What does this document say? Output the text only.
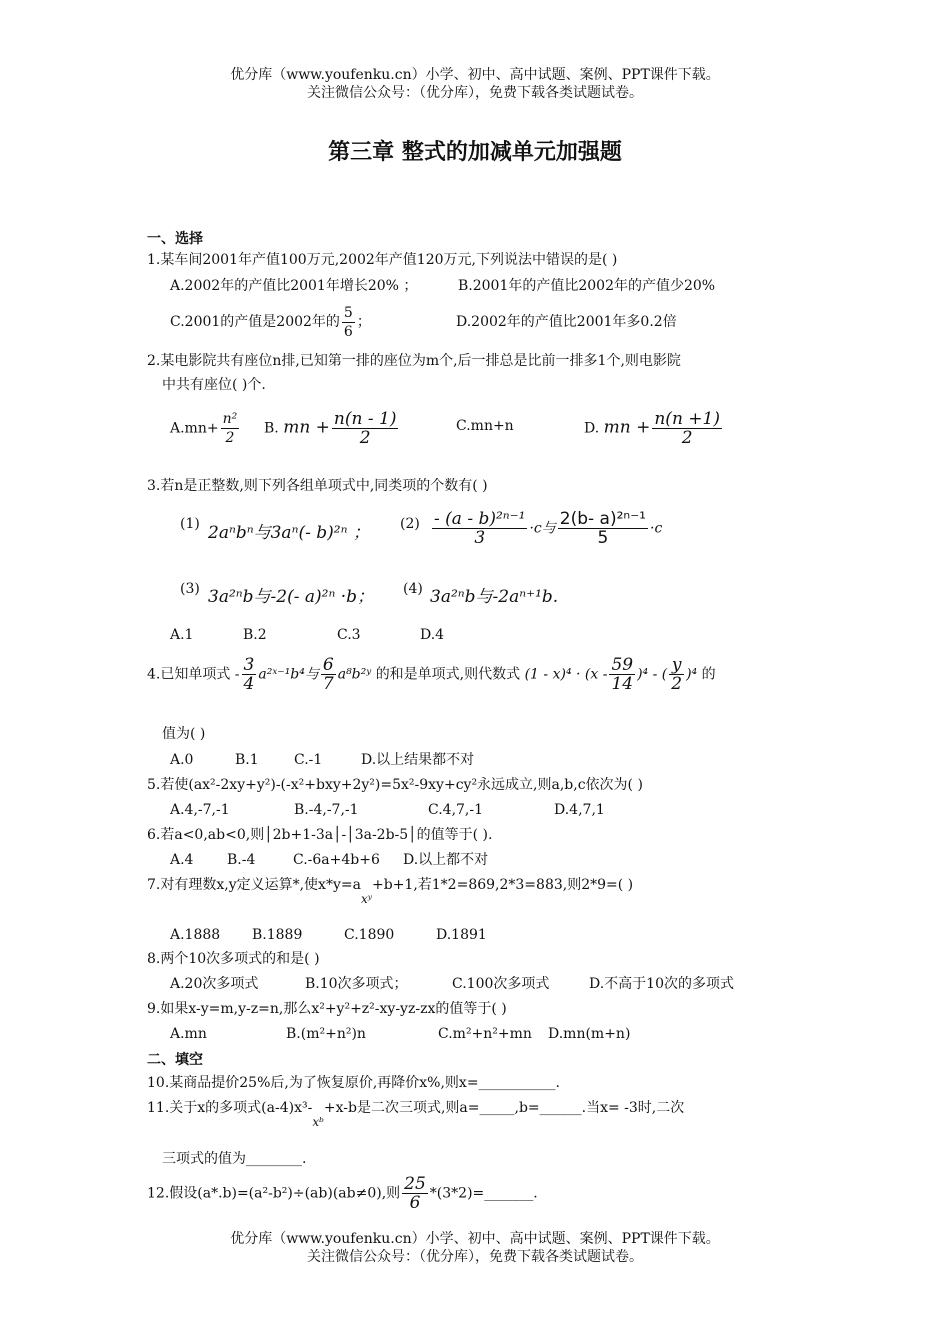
优分库（www.youfenku.cn）小学、初中、高中试题、案例、PPT课件下载。
关注微信公众号：（优分库），免费下载各类试题试卷。
第三章 整式的加减单元加强题
一、选择
1.某车间2001年产值100万元,2002年产值120万元,下列说法中错误的是( )
A.2002年的产值比2001年增长20% ；	B.2001年的产值比2002年的产值少20%
C.2001的产值是2002年的 $\frac{5}{6}$ ；	D.2002年的产值比2001年多0.2倍
2.某电影院共有座位n排,已知第一排的座位为m个,后一排总是比前一排多1个,则电影院
中共有座位( )个.
$A.mn+ \frac{\text{n²}}{2} B$. mn + $\frac{n(n - 1)}{2}$	C.mn+n	D. mn + $\frac{n(n +1)}{2}$
3.若n是正整数,则下列各组单项式中,同类项的个数有( )
(1) 2aⁿbⁿ与3aⁿ(- b)²ⁿ ； $(2) \frac{\text{- (a - b)²ⁿ⁻¹}}{3} \cdot c$与 $\frac{\text{2(b- a)²ⁿ⁻¹}}{5} \cdot c$
(3) 3a²ⁿb与-2(- a)²ⁿ ·b； (4) 3a²ⁿb与-2aⁿ⁺¹b.
A.1	B.2	C.3	D.4
4.已知单项式 - $\frac{3}{4}$ a²ˣ⁻¹b⁴与 $\frac{6}{7}$ a⁸b²ʸ 的和是单项式,则代数式 $(1 - x)^4 \cdot (x - \frac{59}{14} )^4$ - ( $\frac{y}{2} )^4$ 的
值为( )
A.0	B.1	C.-1	D.以上结果都不对
5.若使(ax²-2xy+y²)-(-x²+bxy+2y²)=5x²-9xy+cy²永远成立,则a,b,c依次为( )
A.4,-7,-1	B.-4,-7,-1	C.4,7,-1	D.4,7,1
6.若a<0,ab<0,则│2b+1-3a│-│3a-2b-5│的值等于( ).
A.4 B.-4	C.-6a+4b+6 D.以上都不对
7.对有理数x,y定义运算*,使x*y=axʸ+b+1,若1*2=869,2*3=883,则2*9=( )
A.1888 B.1889	C.1890	D.1891
8.两个10次多项式的和是( )
A.20次多项式	B.10次多项式；	C.100次多项式	D.不高于10次的多项式
9.如果x-y=m,y-z=n,那么x²+y²+z²-xy-yz-zx的值等于( )
A.mn	B.(m²+n²)n	C.m²+n²+mn D.mn(m+n)
二、填空
10.某商品提价25%后,为了恢复原价,再降价x%,则x=___________.
11.关于x的多项式(a-4)x³-xᵇ+x-b是二次三项式,则a=_____,b=______.当x= -3时,二次
三项式的值为________.
12.假设(a*.b)=(a²-b²)÷(ab)(ab≠0),则 $\frac{25}{6}$ *(3*2)=_______.
优分库（www.youfenku.cn）小学、初中、高中试题、案例、PPT课件下载。
关注微信公众号：（优分库），免费下载各类试题试卷。
